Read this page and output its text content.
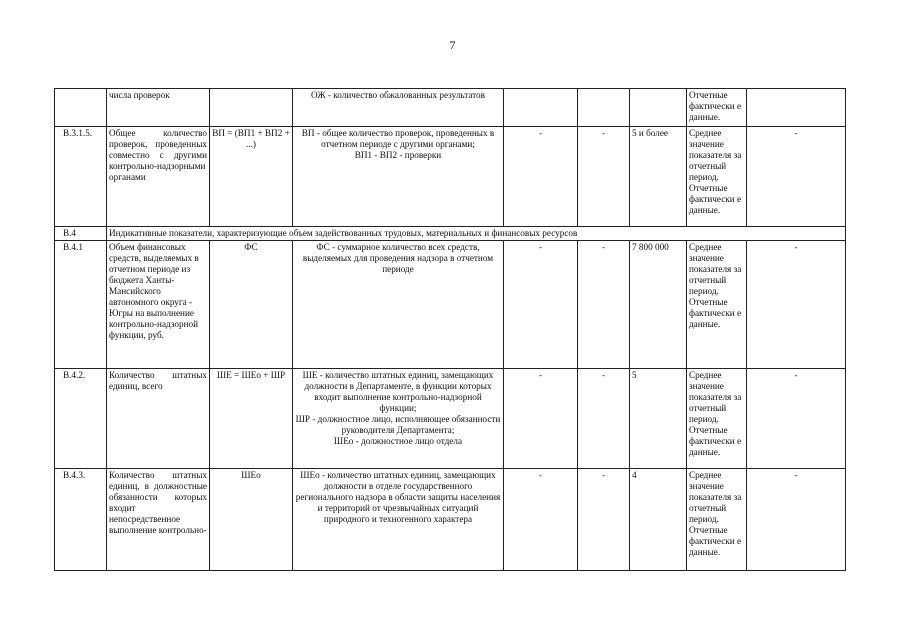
7
	числа проверок		ОЖ - количество обжалованных результатов				Отчетные фактически е данные.	
В.3.1.5.	Общее количество проверок, проведенных совместно с другими контрольно-надзорными органами	ВП = (ВП1 + ВП2 + ...)	ВП - общее количество проверок, проведенных в отчетном периоде с другими органами;
ВП1 - ВП2 - проверки	-	-	5 и более	Среднее значение показателя за отчетный период. Отчетные фактически е данные.	-
В.4	Индикативные показатели, характеризующие объем задействованных трудовых, материальных и финансовых ресурсов							
В.4.1	Объем финансовых средств, выделяемых в отчетном периоде из бюджета Ханты-Мансийского автономного округа - Югры на выполнение контрольно-надзорной функции, руб.	ФС	ФС - суммарное количество всех средств, выделяемых для проведения надзора в отчетном периоде	-	-	7 800 000	Среднее значение показателя за отчетный период. Отчетные фактически е данные.	-
В.4.2.	Количество штатных единиц, всего	ШЕ = ШЕо + ШР	ШЕ - количество штатных единиц, замещающих должности в Департаменте, в функции которых входит выполнение контрольно-надзорной функции;
ШР - должностное лицо, исполняющее обязанности руководителя Департамента;
ШЕо - должностное лицо отдела	-	-	5	Среднее значение показателя за отчетный период. Отчетные фактически е данные.	-
В.4.3.	Количество штатных единиц, в должностные обязанности которых входит непосредственное выполнение контрольно-	ШЕо	ШЕо - количество штатных единиц, замещающих должности в отделе государственного регионального надзора в области защиты населения и территорий от чрезвычайных ситуаций природного и техногенного характера	-	-	4	Среднее значение показателя за отчетный период. Отчетные фактически е данные.	-
